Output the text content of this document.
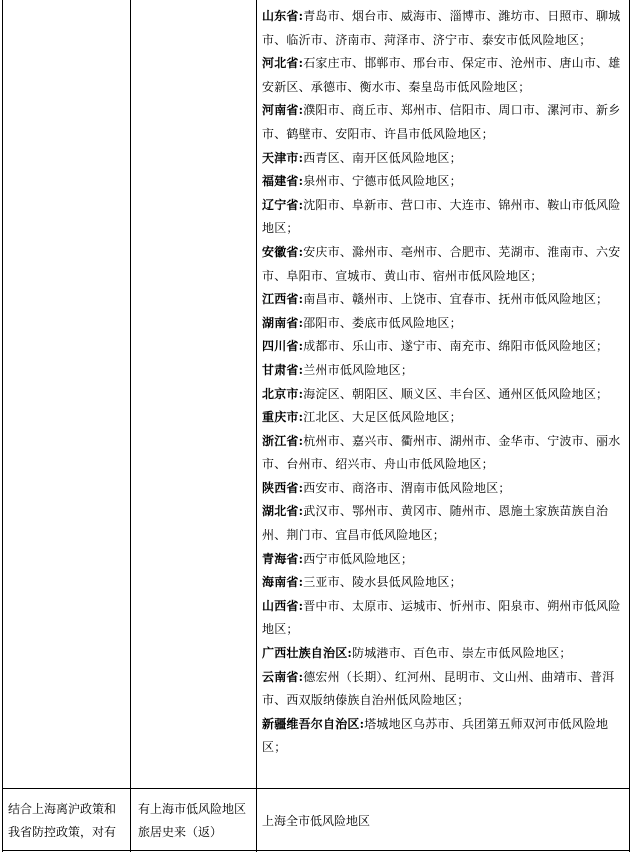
山东省:青岛市、烟台市、威海市、淄博市、潍坊市、日照市、聊城市、临沂市、济南市、菏泽市、济宁市、泰安市低风险地区；

河北省:石家庄市、邯郸市、邢台市、保定市、沧州市、唐山市、雄安新区、承德市、衡水市、秦皇岛市低风险地区；

河南省:濮阳市、商丘市、郑州市、信阳市、周口市、漯河市、新乡市、鹤壁市、安阳市、许昌市低风险地区；

天津市:西青区、南开区低风险地区；

福建省:泉州市、宁德市低风险地区；

辽宁省:沈阳市、阜新市、营口市、大连市、锦州市、鞍山市低风险地区；

安徽省:安庆市、滁州市、亳州市、合肥市、芜湖市、淮南市、六安市、阜阳市、宣城市、黄山市、宿州市低风险地区；

江西省:南昌市、赣州市、上饶市、宜春市、抚州市低风险地区；

湖南省:邵阳市、娄底市低风险地区；

四川省:成都市、乐山市、遂宁市、南充市、绵阳市低风险地区；

甘肃省:兰州市低风险地区；

北京市:海淀区、朝阳区、顺义区、丰台区、通州区低风险地区；

重庆市:江北区、大足区低风险地区；

浙江省:杭州市、嘉兴市、衢州市、湖州市、金华市、宁波市、丽水市、台州市、绍兴市、舟山市低风险地区；

陕西省:西安市、商洛市、渭南市低风险地区；

湖北省:武汉市、鄂州市、黄冈市、随州市、恩施土家族苗族自治州、荆门市、宜昌市低风险地区；

青海省:西宁市低风险地区；

海南省:三亚市、陵水县低风险地区；

山西省:晋中市、太原市、运城市、忻州市、阳泉市、朔州市低风险地区；

广西壮族自治区:防城港市、百色市、崇左市低风险地区；

云南省:德宏州（长期）、红河州、昆明市、文山州、曲靖市、普洱市、西双版纳傣族自治州低风险地区；

新疆维吾尔自治区:塔城地区乌苏市、兵团第五师双河市低风险地区；

结合上海离沪政策和我省防控政策，对有
有上海市低风险地区旅居史来（返）
上海全市低风险地区
